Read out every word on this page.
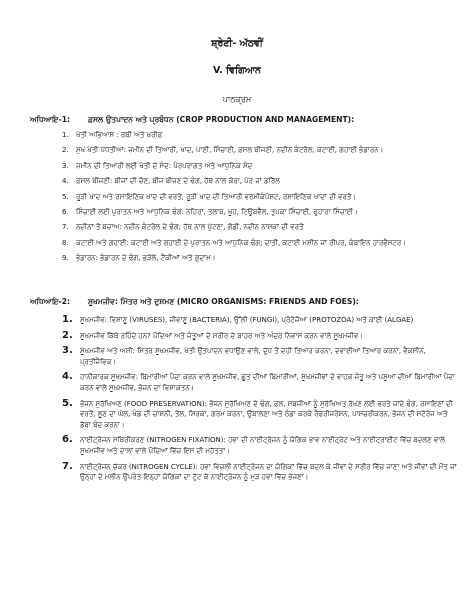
ਸ਼੍ਰੇਣੀ- ਅੱਠਵੀਂ
V. ਵਿਗਿਆਨ
ਪਾਠਕ੍ਰਮ
ਅਧਿਆਇ-1: ਫ਼ਸਲ ਉਤਪਾਦਨ ਅਤੇ ਪ੍ਰਬੰਧਨ (CROP PRODUCTION AND MANAGEMENT):
1. ਖੇਤੀ ਅਭਿਆਸ : ਰਬੀ ਅਤੇ ਖ਼ਰੀਫ਼
2. ਮੁੱਖ ਖੇਤੀ ਪੱਧਤੀਆਂ: ਜ਼ਮੀਨ ਦੀ ਤਿਆਰੀ, ਖਾਦ, ਪਾਣੀ, ਸਿੰਚਾਈ, ਫ਼ਸਲ ਬੀਜਣੀ, ਨਦੀਨ ਕੰਟਰੋਲ, ਕਟਾਈ, ਗਹਾਈ ਭੰਡਾਰਨ।
3. ਜ਼ਮੀਨ ਦੀ ਤਿਆਰੀ ਲਈ ਖੇਤੀ ਦੇ ਸੰਦ: ਪੰਰਪਰਾਗਤ ਅਤੇ ਆਧੁਨਿਕ ਸੰਦ
4. ਫ਼ਸਲ ਬੀਜਣੀ: ਬੀਜਾਂ ਦੀ ਚੋਣ, ਬੀਜ ਬੀਜਣ ਦੇ ਢੰਗ, ਹੱਥ ਨਾਲ ਕੇਰਾ, ਪੋਰ ਜਾਂ ਡਰਿੱਲ
5. ਰੂੜੀ ਖਾਦ ਅਤੇ ਰਸਾਇਣਿਕ ਖਾਦ ਦੀ ਵਰਤੋਂ, ਰੂੜੀ ਖਾਦ ਦੀ ਤਿਆਰੀ ਵਰਮੀਕੰਪੋਸਟ, ਰਸਾਇਣਿਕ ਖਾਦਾਂ ਦੀ ਵਰਤੋਂ।
6. ਸਿੰਚਾਈ ਲਈ ਪੁਰਾਤਨ ਅਤੇ ਆਧੁਨਿਕ ਢੰਗ: ਨਹਿਰਾਂ, ਤਲਾਬ, ਖੂਹ, ਟਿਊਬਵੈੱਲ, ਤੁਪਕਾ ਸਿੰਚਾਈ, ਫੁਹਾਰਾ ਸਿੰਚਾਈ।
7. ਨਦੀਨਾਂ ਤੋਂ ਬਚਾਅ: ਨਦੀਨ ਕੰਟਰੋਲ ਦੇ ਢੰਗ; ਹੱਥ ਨਾਲ ਪੁੱਟਣਾ, ਗੋਡੀ, ਨਦੀਨ ਨਾਸ਼ਕਾਂ ਦੀ ਵਰਤੋਂ
8. ਕਟਾਈ ਅਤੇ ਗਹਾਈ: ਕਟਾਈ ਅਤੇ ਗਹਾਈ ਦੇ ਪੁਰਾਤਨ ਅਤੇ ਆਧੁਨਿਕ ਢੰਗ; ਦਾਤੀ, ਕਟਾਈ ਮਸ਼ੀਨ ਜਾਂ ਰੀਪਰ, ਕੰਬਾਇਨ ਹਾਰਵੈਸਟਰ।
9. ਭੰਡਾਰਨ: ਭੰਡਾਰਨ ਦੇ ਢੰਗ, ਭੜੋਲੇ, ਟੈਂਕੀਆਂ ਅਤੇ ਗੁਦਾਮ।
ਅਧਿਆਇ-2: ਸੂਖਮਜੀਵ: ਮਿੱਤਰ ਅਤੇ ਦੁਸ਼ਮਣ (MICRO ORGANISMS: FRIENDS AND FOES):
1. ਸੂਖਮਜੀਵ: ਵਿਸ਼ਾਣੂ (VIRUSES), ਜੀਵਾਣੂ (BACTERIA), ਉੱਲੀ (FUNGI), ਪ੍ਰੋਟੋਜ਼ੋਆ (PROTOZOA) ਅਤੇ ਕਾਈ (ALGAE)
2. ਸੂਖਮਜੀਵ ਕਿੱਥੇ ਰਹਿੰਦੇ ਹਨ? ਪੌਦਿਆਂ ਅਤੇ ਜੰਤੂਆਂ ਦੇ ਸਰੀਰ ਦੇ ਬਾਹਰ ਅਤੇ ਅੰਦਰ ਨਿਵਾਸ ਕਰਨ ਵਾਲੇ ਸੂਖਮਜੀਵ।
3. ਸੂਖਮਜੀਵ ਅਤੇ ਅਸੀਂ: ਮਿੱਤਰ ਸੂਖਮਜੀਵ, ਖੇਤੀ ਉਤਪਾਦਨ ਵਧਾਉਣ ਵਾਲੇ, ਦੁੱਧ ਤੋਂ ਦਹੀਂ ਤਿਆਰ ਕਰਨਾ, ਦਵਾਈਆਂ ਤਿਆਰ ਕਰਨਾ, ਵੈਕਸੀਨ, ਪ੍ਰਤੀਜੈਵਿਕ।
4. ਹਾਨੀਕਾਰਕ ਸੂਖਮਜੀਵ: ਬਿਮਾਰੀਆਂ ਪੈਦਾ ਕਰਨ ਵਾਲੇ ਸੂਖਮਜੀਵ, ਛੂਤ ਦੀਆਂ ਬਿਮਾਰੀਆਂ, ਸੂਖਮਜੀਵਾਂ ਦੇ ਵਾਹਕ ਜੰਤੂ ਅਤੇ ਪਸ਼ੂਆਂ ਦੀਆਂ ਬਿਮਾਰੀਆਂ ਪੈਦਾ ਕਰਨ ਵਾਲੇ ਸੂਖਮਜੀਵ, ਭੋਜਨ ਦਾ ਵਿਸ਼ਾਕਤਨ।
5. ਭੋਜਨ ਸੁਰੱਖਿਅਣ (FOOD PRESERVATION): ਭੋਜਨ ਸੁਰੱਖਿਅਣ ਦੇ ਢੰਗ, ਫ਼ਲ, ਸਬਜ਼ੀਆਂ ਨੂੰ ਸੁਰੱਖਿਅਤ ਰੱਖਣ ਲਈ ਵਰਤੇ ਜਾਂਦੇ ਢੰਗ, ਰਸਾਇਣਾਂ ਦੀ ਵਰਤੋਂ, ਲੂਣ ਦਾ ਘੋਲ, ਖੰਡ ਦੀ ਚਾਸ਼ਨੀ, ਤੇਲ, ਸਿਰਕਾ, ਗਰਮ ਕਰਨਾ, ਉਬਾਲਣਾ ਅਤੇ ਠੰਡਾ ਕਰਕੇ ਰੈਫਰੀਜਰੇਸ਼ਨ, ਪਾਸਚਰੀਕਰਨ, ਭੋਜਨ ਦੀ ਸਟੋਰੇਜ ਅਤੇ ਡੱਬਾ ਬੰਦ ਕਰਨਾ।
6. ਨਾਈਟ੍ਰੋਜਨ ਸਥਿਰੀਕਰਣ (NITROGEN FIXATION): ਹਵਾ ਦੀ ਨਾਈਟ੍ਰੋਜਨ ਨੂੰ ਯੋਗਿਕ ਭਾਵ ਨਾਈਟ੍ਰੇਟ ਅਤੇ ਨਾਈਟ੍ਰਾਈਟ ਵਿੱਚ ਬਦਲਣ ਵਾਲੇ ਸੂਖਮਜੀਵ ਅਤੇ ਦਾਲਾਂ ਵਾਲੇ ਪੌਦਿਆਂ ਵਿੱਚ ਇਸ ਦੀ ਮਹੱਤਤਾ।
7. ਨਾਈਟ੍ਰੋਜਨ ਚੱਕਰ (NITROGEN CYCLE): ਹਵਾ ਵਿਚਲੀ ਨਾਈਟ੍ਰੋਜਨ ਦਾ ਯੋਗਿਕਾਂ ਵਿੱਚ ਬਦਲ ਕੇ ਜੀਵਾਂ ਦੇ ਸਰੀਰ ਵਿੱਚ ਜਾਣਾ ਅਤੇ ਜੀਵਾਂ ਦੀ ਮੌਤ ਜਾਂ ਉਨ੍ਹਾਂ ਦੇ ਮਲੀਨ ਉਪਰੰਤ ਇਨ੍ਹਾਂ ਯੋਗਿਕਾਂ ਦਾ ਟੁੱਟ ਕੇ ਨਾਈਟ੍ਰੋਜਨ ਨੂੰ ਮੁੜ ਹਵਾ ਵਿੱਚ ਭੇਜਣਾ।
